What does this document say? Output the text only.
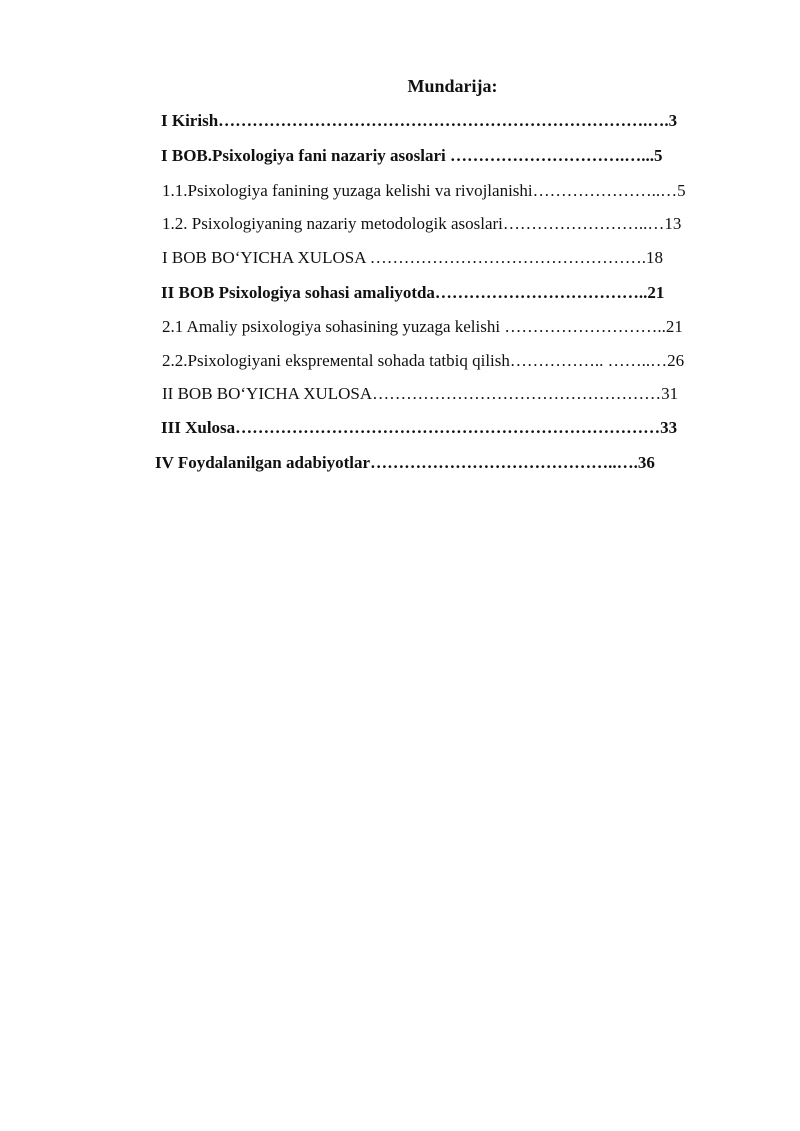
Mundarija:
I Kirish………………………………………………………………….….3
I BOB.Psixologiya fani nazariy asoslari ………………………….…...5
1.1.Psixologiya fanining yuzaga kelishi va rivojlanishi…………………..…5
1.2. Psixologiyaning nazariy metodologik asoslari……………………..…13
I BOB BO‘YICHA XULOSA ………………………………………….18
II BOB Psixologiya sohasi amaliyotda………………………………..21
2.1 Amaliy psixologiya sohasining yuzaga kelishi ………………………..21
2.2.Psixologiyani eksprемental sohada tatbiq qilish…………….. ……..…26
II BOB BO‘YICHA XULOSA……………………………………………31
III Xulosa…………………………………………………………………33
IV Foydalanilgan adabiyotlar……………………………………..….36
